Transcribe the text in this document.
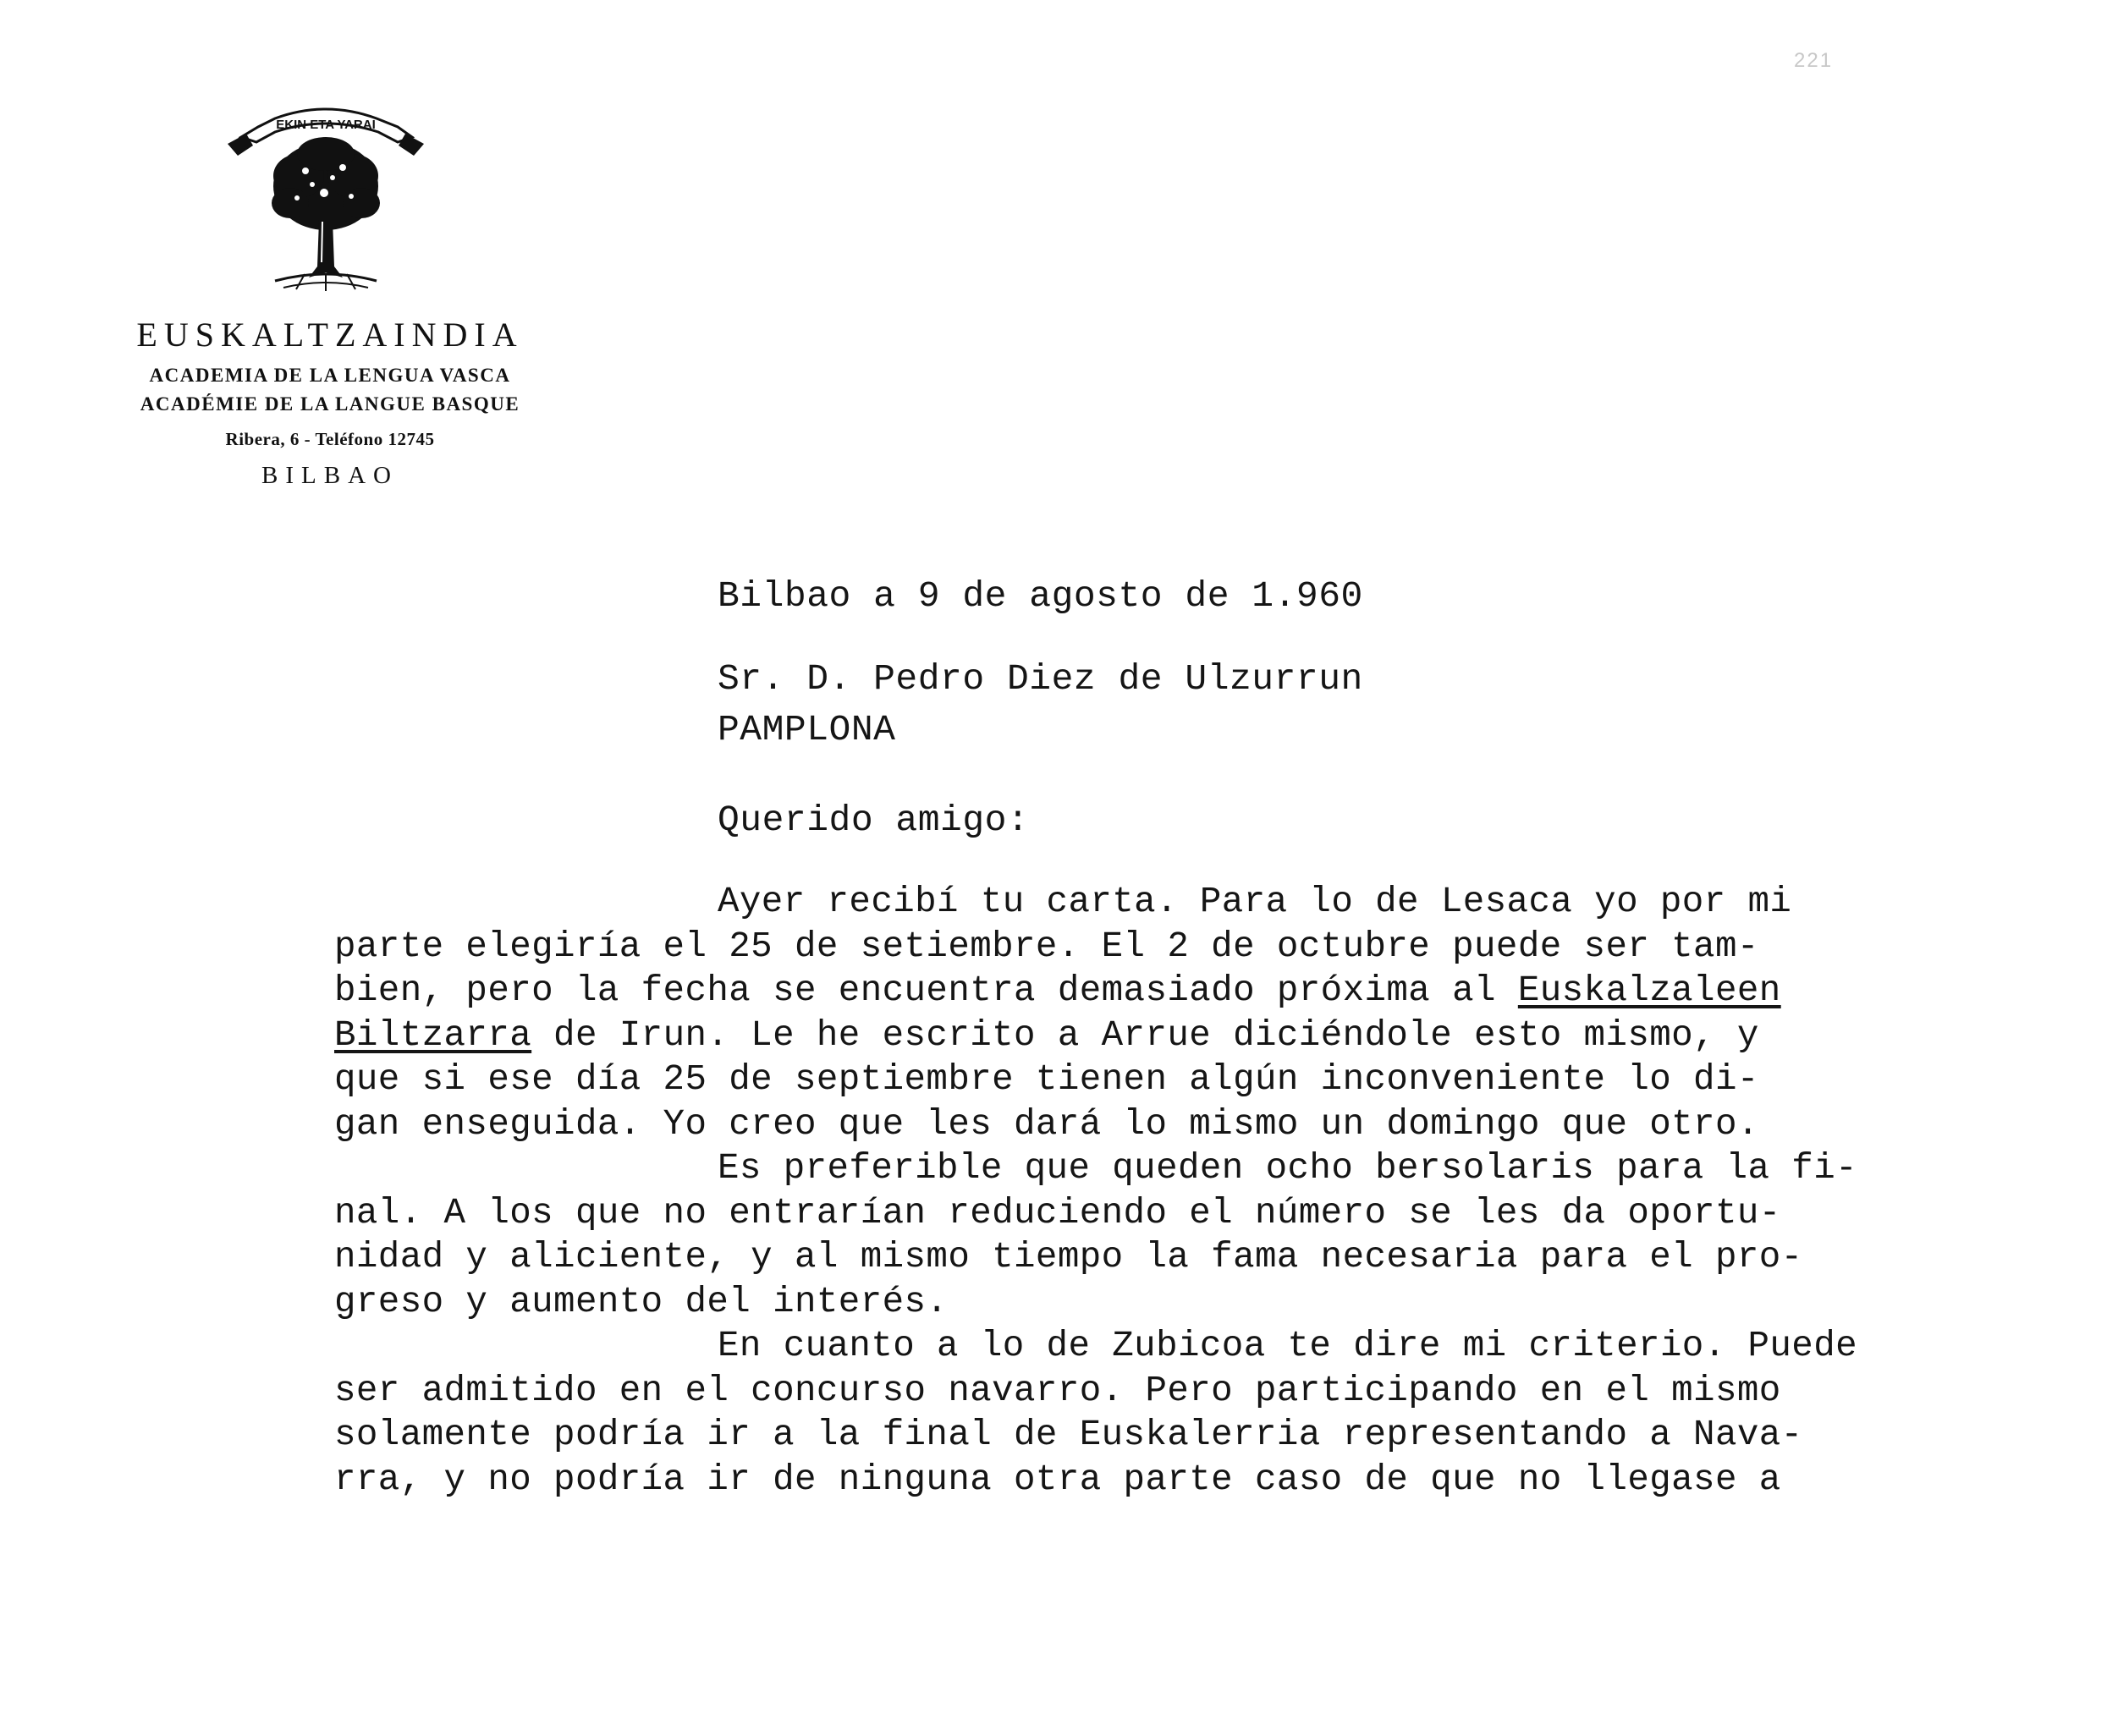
221
EKIN ETA YARAI
EUSKALTZAINDIA
ACADEMIA DE LA LENGUA VASCA
ACADÉMIE DE LA LANGUE BASQUE
Ribera, 6 - Teléfono 12745
BILBAO
Bilbao a 9 de agosto de 1.960
Sr. D. Pedro Diez de Ulzurrun
PAMPLONA
Querido amigo:
Ayer recibí tu carta. Para lo de Lesaca yo por mi
parte elegiría el 25 de setiembre. El 2 de octubre puede ser tam-
bien, pero la fecha se encuentra demasiado próxima al Euskalzaleen
Biltzarra de Irun. Le he escrito a Arrue diciéndole esto mismo, y
que si ese día 25 de septiembre tienen algún inconveniente lo di-
gan enseguida. Yo creo que les dará lo mismo un domingo que otro.
Es preferible que queden ocho bersolaris para la fi-
nal. A los que no entrarían reduciendo el número se les da oportu-
nidad y aliciente, y al mismo tiempo la fama necesaria para el pro-
greso y aumento del interés.
En cuanto a lo de Zubicoa te dire mi criterio. Puede
ser admitido en el concurso navarro. Pero participando en el mismo
solamente podría ir a la final de Euskalerria representando a Nava-
rra, y no podría ir de ninguna otra parte caso de que no llegase a
